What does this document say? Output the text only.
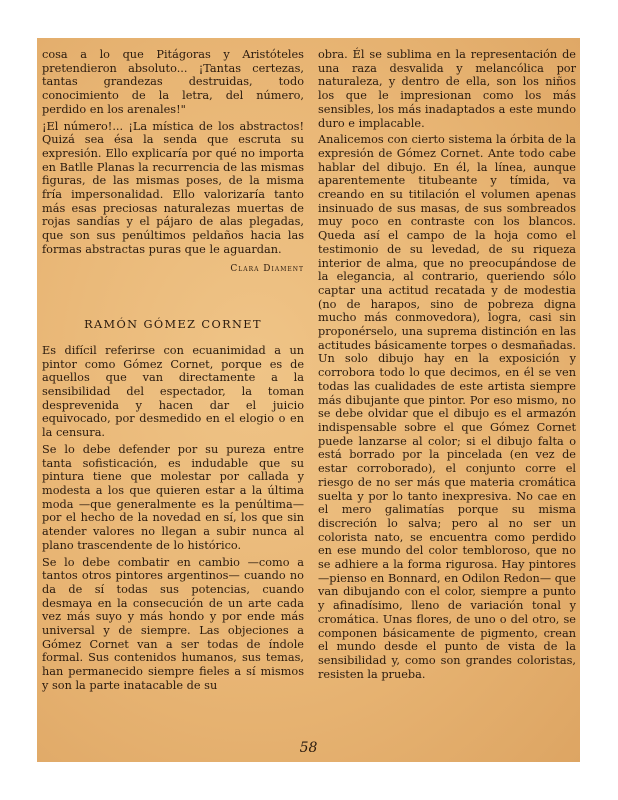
cosa a lo que Pitágoras y Aristóteles pretendieron absoluto... ¡Tantas certezas, tantas grandezas destruidas, todo conocimiento de la letra, del número, perdido en los arenales!"

¡El número!... ¡La mística de los abstractos! Quizá sea ésa la senda que escruta su expresión. Ello explicaría por qué no importa en Batlle Planas la recurrencia de las mismas figuras, de las mismas poses, de la misma fría impersonalidad. Ello valorizaría tanto más esas preciosas naturalezas muertas de rojas sandías y el pájaro de alas plegadas, que son sus penúltimos peldaños hacia las formas abstractas puras que le aguardan.

Clara Diament
RAMÓN GÓMEZ CORNET

Es difícil referirse con ecuanimidad a un pintor como Gómez Cornet, porque es de aquellos que van directamente a la sensibilidad del espectador, la toman desprevenida y hacen dar el juicio equivocado, por desmedido en el elogio o en la censura.

Se lo debe defender por su pureza entre tanta sofisticación, es indudable que su pintura tiene que molestar por callada y modesta a los que quieren estar a la última moda —que generalmente es la penúltima— por el hecho de la novedad en sí, los que sin atender valores no llegan a subir nunca al plano trascendente de lo histórico.

Se lo debe combatir en cambio —como a tantos otros pintores argentinos— cuando no da de sí todas sus potencias, cuando desmaya en la consecución de un arte cada vez más suyo y más hondo y por ende más universal y de siempre. Las objeciones a Gómez Cornet van a ser todas de índole formal. Sus contenidos humanos, sus temas, han permanecido siempre fieles a sí mismos y son la parte inatacable de su

obra. Él se sublima en la representación de una raza desvalida y melancólica por naturaleza, y dentro de ella, son los niños los que le impresionan como los más sensibles, los más inadaptados a este mundo duro e implacable.

Analicemos con cierto sistema la órbita de la expresión de Gómez Cornet. Ante todo cabe hablar del dibujo. En él, la línea, aunque aparentemente titubeante y tímida, va creando en su titilación el volumen apenas insinuado de sus masas, de sus sombreados muy poco en contraste con los blancos. Queda así el campo de la hoja como el testimonio de su levedad, de su riqueza interior de alma, que no preocupándose de la elegancia, al contrario, queriendo sólo captar una actitud recatada y de modestia (no de harapos, sino de pobreza digna mucho más conmovedora), logra, casi sin proponérselo, una suprema distinción en las actitudes básicamente torpes o desmañadas. Un solo dibujo hay en la exposición y corrobora todo lo que decimos, en él se ven todas las cualidades de este artista siempre más dibujante que pintor. Por eso mismo, no se debe olvidar que el dibujo es el armazón indispensable sobre el que Gómez Cornet puede lanzarse al color; si el dibujo falta o está borrado por la pincelada (en vez de estar corroborado), el conjunto corre el riesgo de no ser más que materia cromática suelta y por lo tanto inexpresiva. No cae en el mero galimatías porque su misma discreción lo salva; pero al no ser un colorista nato, se encuentra como perdido en ese mundo del color tembloroso, que no se adhiere a la forma rigurosa. Hay pintores —pienso en Bonnard, en Odilon Redon— que van dibujando con el color, siempre a punto y afinadísimo, lleno de variación tonal y cromática. Unas flores, de uno o del otro, se componen básicamente de pigmento, crean el mundo desde el punto de vista de la sensibilidad y, como son grandes coloristas, resisten la prueba.

58
